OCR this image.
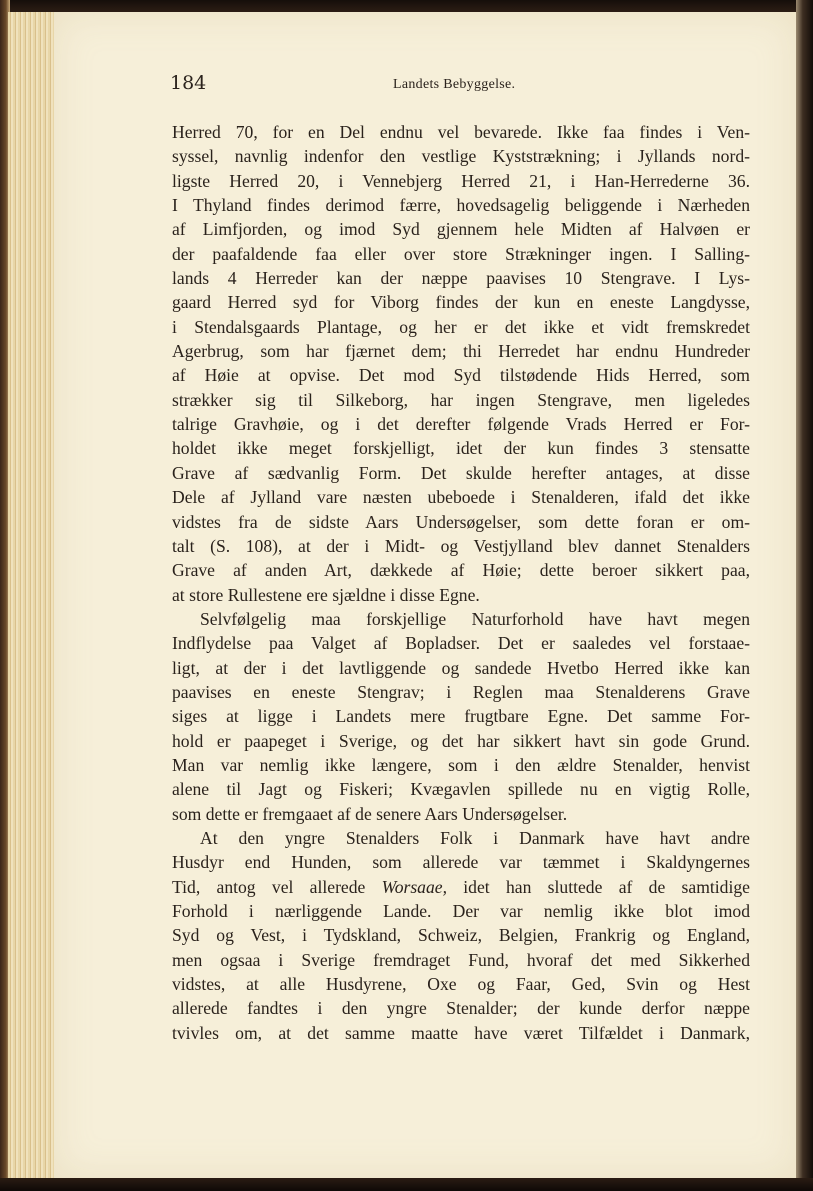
184	Landets Bebyggelse.
Herred 70, for en Del endnu vel bevarede. Ikke faa findes i Ven-
syssel, navnlig indenfor den vestlige Kyststrækning; i Jyllands nord-
ligste Herred 20, i Vennebjerg Herred 21, i Han-Herrederne 36.
I Thyland findes derimod færre, hovedsagelig beliggende i Nærheden
af Limfjorden, og imod Syd gjennem hele Midten af Halvøen er
der paafaldende faa eller over store Strækninger ingen. I Salling-
lands 4 Herreder kan der næppe paavises 10 Stengrave. I Lys-
gaard Herred syd for Viborg findes der kun en eneste Langdysse,
i Stendalsgaards Plantage, og her er det ikke et vidt fremskredet
Agerbrug, som har fjærnet dem; thi Herredet har endnu Hundreder
af Høie at opvise. Det mod Syd tilstødende Hids Herred, som
strækker sig til Silkeborg, har ingen Stengrave, men ligeledes
talrige Gravhøie, og i det derefter følgende Vrads Herred er For-
holdet ikke meget forskjelligt, idet der kun findes 3 stensatte
Grave af sædvanlig Form. Det skulde herefter antages, at disse
Dele af Jylland vare næsten ubeboede i Stenalderen, ifald det ikke
vidstes fra de sidste Aars Undersøgelser, som dette foran er om-
talt (S. 108), at der i Midt- og Vestjylland blev dannet Stenalders
Grave af anden Art, dækkede af Høie; dette beroer sikkert paa,
at store Rullestene ere sjældne i disse Egne.
Selvfølgelig maa forskjellige Naturforhold have havt megen
Indflydelse paa Valget af Bopladser. Det er saaledes vel forstaae-
ligt, at der i det lavtliggende og sandede Hvetbo Herred ikke kan
paavises en eneste Stengrav; i Reglen maa Stenalderens Grave
siges at ligge i Landets mere frugtbare Egne. Det samme For-
hold er paapeget i Sverige, og det har sikkert havt sin gode Grund.
Man var nemlig ikke længere, som i den ældre Stenalder, henvist
alene til Jagt og Fiskeri; Kvægavlen spillede nu en vigtig Rolle,
som dette er fremgaaet af de senere Aars Undersøgelser.
At den yngre Stenalders Folk i Danmark have havt andre
Husdyr end Hunden, som allerede var tæmmet i Skaldyngernes
Tid, antog vel allerede Worsaae, idet han sluttede af de samtidige
Forhold i nærliggende Lande. Der var nemlig ikke blot imod
Syd og Vest, i Tydskland, Schweiz, Belgien, Frankrig og England,
men ogsaa i Sverige fremdraget Fund, hvoraf det med Sikkerhed
vidstes, at alle Husdyrene, Oxe og Faar, Ged, Svin og Hest
allerede fandtes i den yngre Stenalder; der kunde derfor næppe
tvivles om, at det samme maatte have været Tilfældet i Danmark,
